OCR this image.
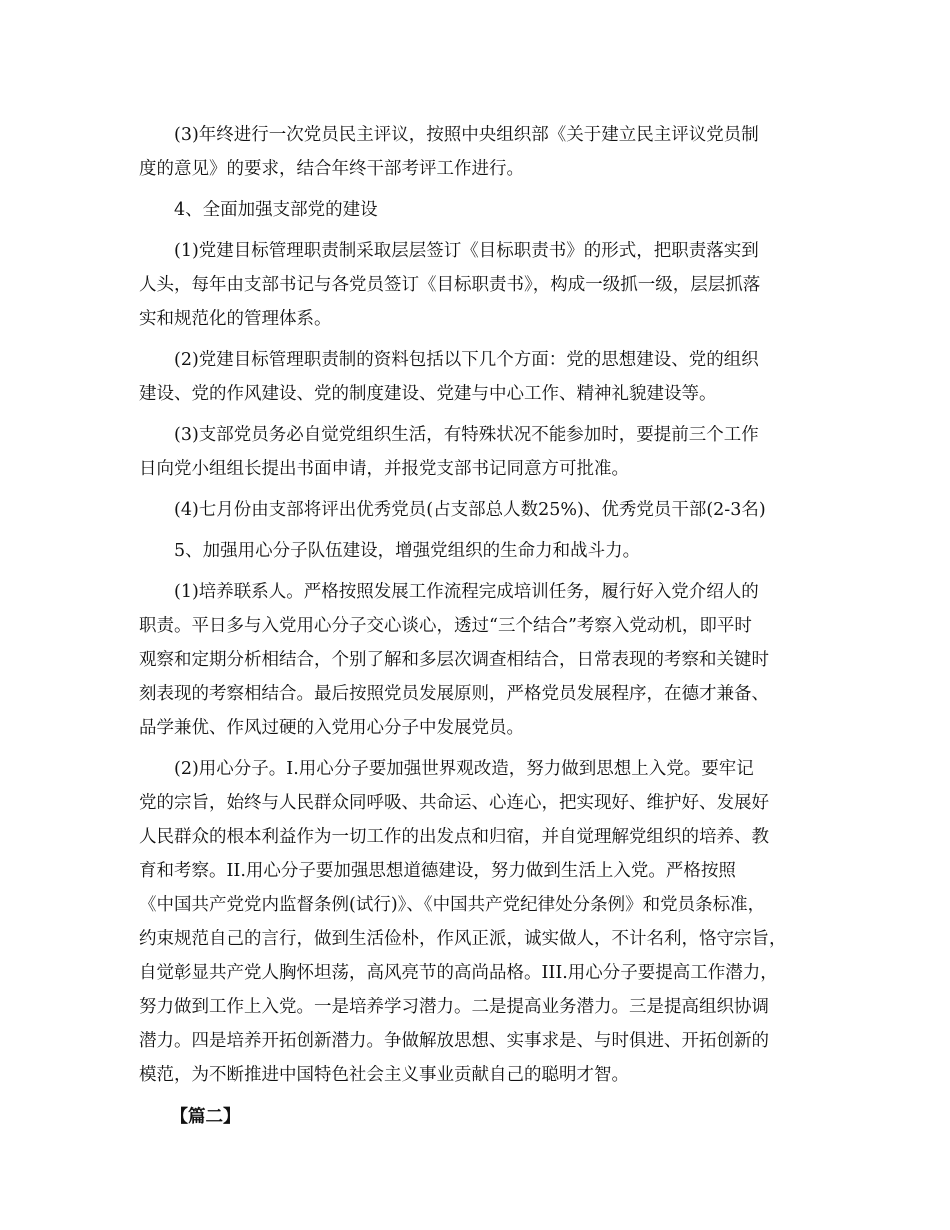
(3)年终进行一次党员民主评议，按照中央组织部《关于建立民主评议党员制
度的意见》的要求，结合年终干部考评工作进行。
4、全面加强支部党的建设
(1)党建目标管理职责制采取层层签订《目标职责书》的形式，把职责落实到
人头，每年由支部书记与各党员签订《目标职责书》，构成一级抓一级，层层抓落
实和规范化的管理体系。
(2)党建目标管理职责制的资料包括以下几个方面：党的思想建设、党的组织
建设、党的作风建设、党的制度建设、党建与中心工作、精神礼貌建设等。
(3)支部党员务必自觉党组织生活，有特殊状况不能参加时，要提前三个工作
日向党小组组长提出书面申请，并报党支部书记同意方可批准。
(4)七月份由支部将评出优秀党员(占支部总人数25%)、优秀党员干部(2-3名)
5、加强用心分子队伍建设，增强党组织的生命力和战斗力。
(1)培养联系人。严格按照发展工作流程完成培训任务，履行好入党介绍人的
职责。平日多与入党用心分子交心谈心，透过“三个结合”考察入党动机，即平时
观察和定期分析相结合，个别了解和多层次调查相结合，日常表现的考察和关键时
刻表现的考察相结合。最后按照党员发展原则，严格党员发展程序，在德才兼备、
品学兼优、作风过硬的入党用心分子中发展党员。
(2)用心分子。I.用心分子要加强世界观改造，努力做到思想上入党。要牢记
党的宗旨，始终与人民群众同呼吸、共命运、心连心，把实现好、维护好、发展好
人民群众的根本利益作为一切工作的出发点和归宿，并自觉理解党组织的培养、教
育和考察。II.用心分子要加强思想道德建设，努力做到生活上入党。严格按照
《中国共产党党内监督条例(试行)》、《中国共产党纪律处分条例》和党员条标准，
约束规范自己的言行，做到生活俭朴，作风正派，诚实做人，不计名利，恪守宗旨，
自觉彰显共产党人胸怀坦荡，高风亮节的高尚品格。III.用心分子要提高工作潜力，
努力做到工作上入党。一是培养学习潜力。二是提高业务潜力。三是提高组织协调
潜力。四是培养开拓创新潜力。争做解放思想、实事求是、与时俱进、开拓创新的
模范，为不断推进中国特色社会主义事业贡献自己的聪明才智。
【篇二】
